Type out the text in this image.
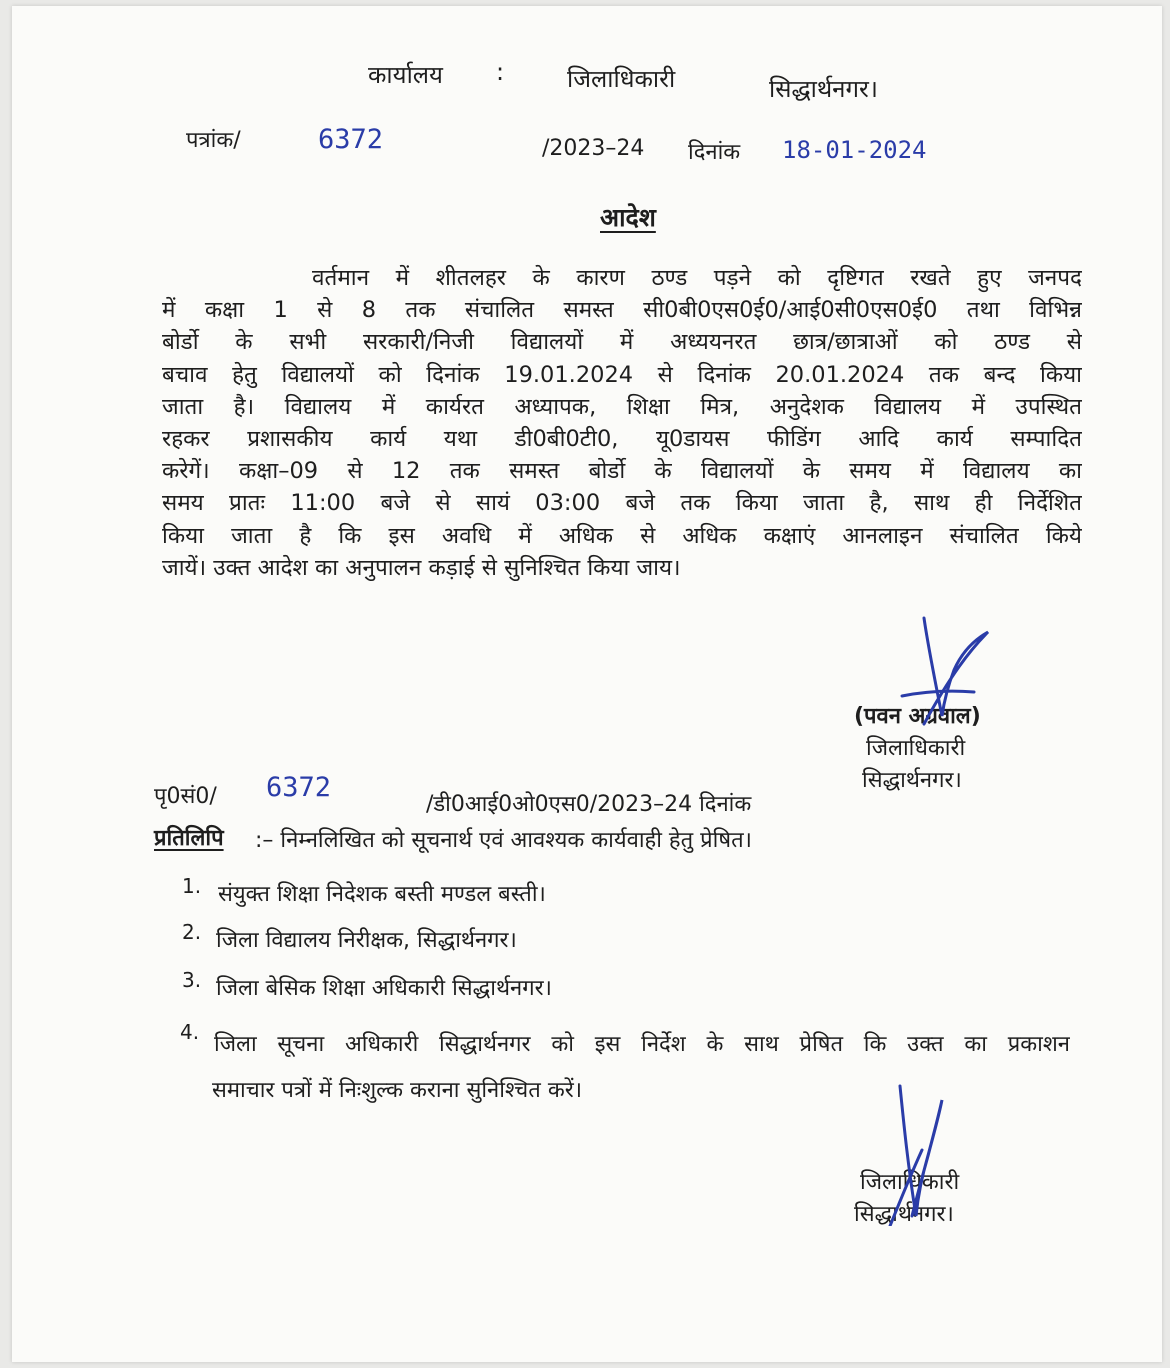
कार्यालय :	जिलाधिकारी	सिद्धार्थनगर।
पत्रांक/	6372	/2023–24 दिनांक 18-01-2024
आदेश
वर्तमान में शीतलहर के कारण ठण्ड पड़ने को दृष्टिगत रखते हुए जनपद
में कक्षा 1 से 8 तक संचालित समस्त सी0बी0एस0ई0/आई0सी0एस0ई0 तथा विभिन्न
बोर्डो के सभी सरकारी/निजी विद्यालयों में अध्ययनरत छात्र/छात्राओं को ठण्ड से
बचाव हेतु विद्यालयों को दिनांक 19.01.2024 से दिनांक 20.01.2024 तक बन्द किया
जाता है। विद्यालय में कार्यरत अध्यापक, शिक्षा मित्र, अनुदेशक विद्यालय में उपस्थित
रहकर प्रशासकीय कार्य यथा डी0बी0टी0, यू0डायस फीडिंग आदि कार्य सम्पादित
करेगें। कक्षा–09 से 12 तक समस्त बोर्डो के विद्यालयों के समय में विद्यालय का
समय प्रातः 11:00 बजे से सायं 03:00 बजे तक किया जाता है, साथ ही निर्देशित
किया जाता है कि इस अवधि में अधिक से अधिक कक्षाएं आनलाइन संचालित किये
जायें। उक्त आदेश का अनुपालन कड़ाई से सुनिश्चित किया जाय।
(पवन अग्रवाल)
जिलाधिकारी
सिद्धार्थनगर।
पृ0सं0/ 6372
/डी0आई0ओ0एस0/2023–24 दिनांक
प्रतिलिपि :– निम्नलिखित को सूचनार्थ एवं आवश्यक कार्यवाही हेतु प्रेषित।
1. संयुक्त शिक्षा निदेशक बस्ती मण्डल बस्ती।
2. जिला विद्यालय निरीक्षक, सिद्धार्थनगर।
3. जिला बेसिक शिक्षा अधिकारी सिद्धार्थनगर।
4. जिला सूचना अधिकारी सिद्धार्थनगर को इस निर्देश के साथ प्रेषित कि उक्त का प्रकाशन
समाचार पत्रों में निःशुल्क कराना सुनिश्चित करें।
जिलाधिकारी
सिद्धार्थनगर।
